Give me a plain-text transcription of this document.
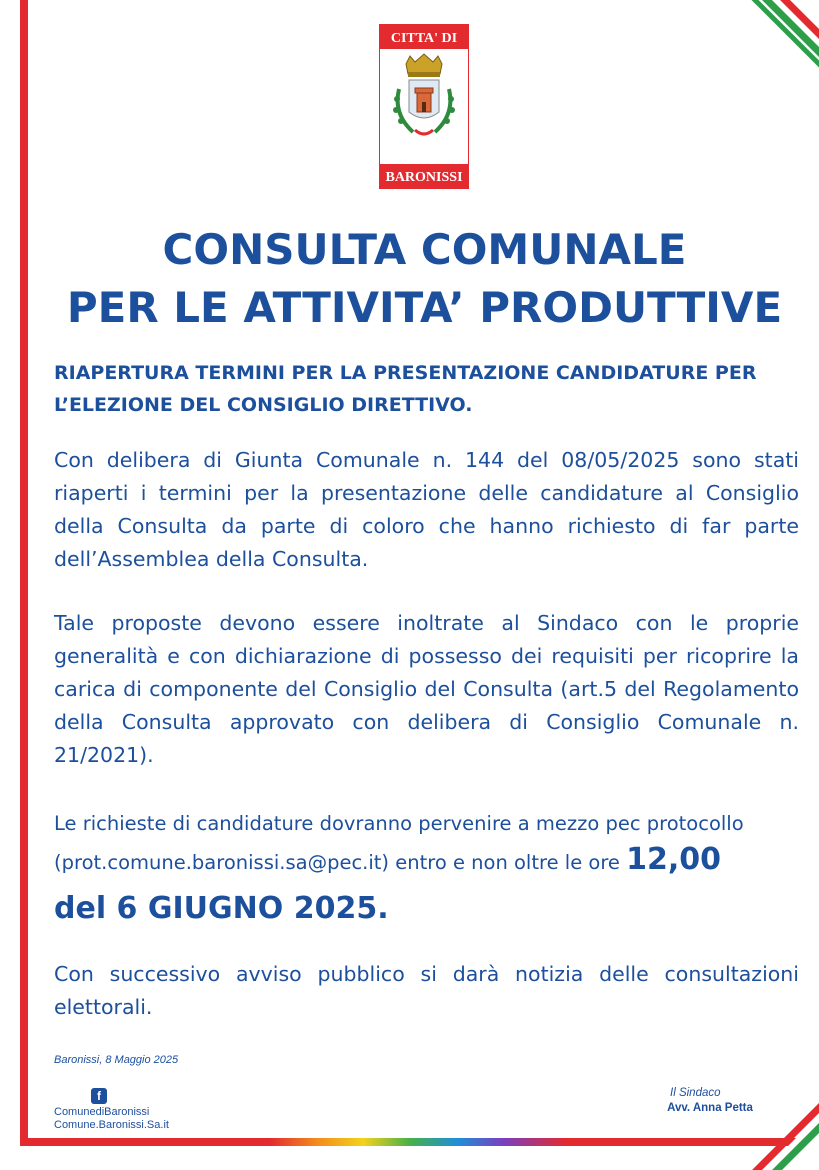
CITTA' DI
BARONISSI
CONSULTA COMUNALE
PER LE ATTIVITA’ PRODUTTIVE
RIAPERTURA TERMINI PER LA PRESENTAZIONE CANDIDATURE PER L’ELEZIONE DEL CONSIGLIO DIRETTIVO.

Con delibera di Giunta Comunale n. 144 del 08/05/2025 sono stati riaperti i termini per la presentazione delle candidature al Consiglio della Consulta da parte di coloro che hanno richiesto di far parte dell’Assemblea della Consulta.

Tale proposte devono essere inoltrate al Sindaco con le proprie generalità e con dichiarazione di possesso dei requisiti per ricoprire la carica di componente del Consiglio del Consulta (art.5 del Regolamento della Consulta approvato con delibera di Consiglio Comunale n. 21/2021).

Le richieste di candidature dovranno pervenire a mezzo pec protocollo
(prot.comune.baronissi.sa@pec.it) entro e non oltre le ore 12,00
del 6 GIUGNO 2025.

Con successivo avviso pubblico si darà notizia delle consultazioni elettorali.

Baronissi, 8 Maggio 2025

f

ComunediBaronissi
Comune.Baronissi.Sa.it

Il Sindaco
Avv. Anna Petta
